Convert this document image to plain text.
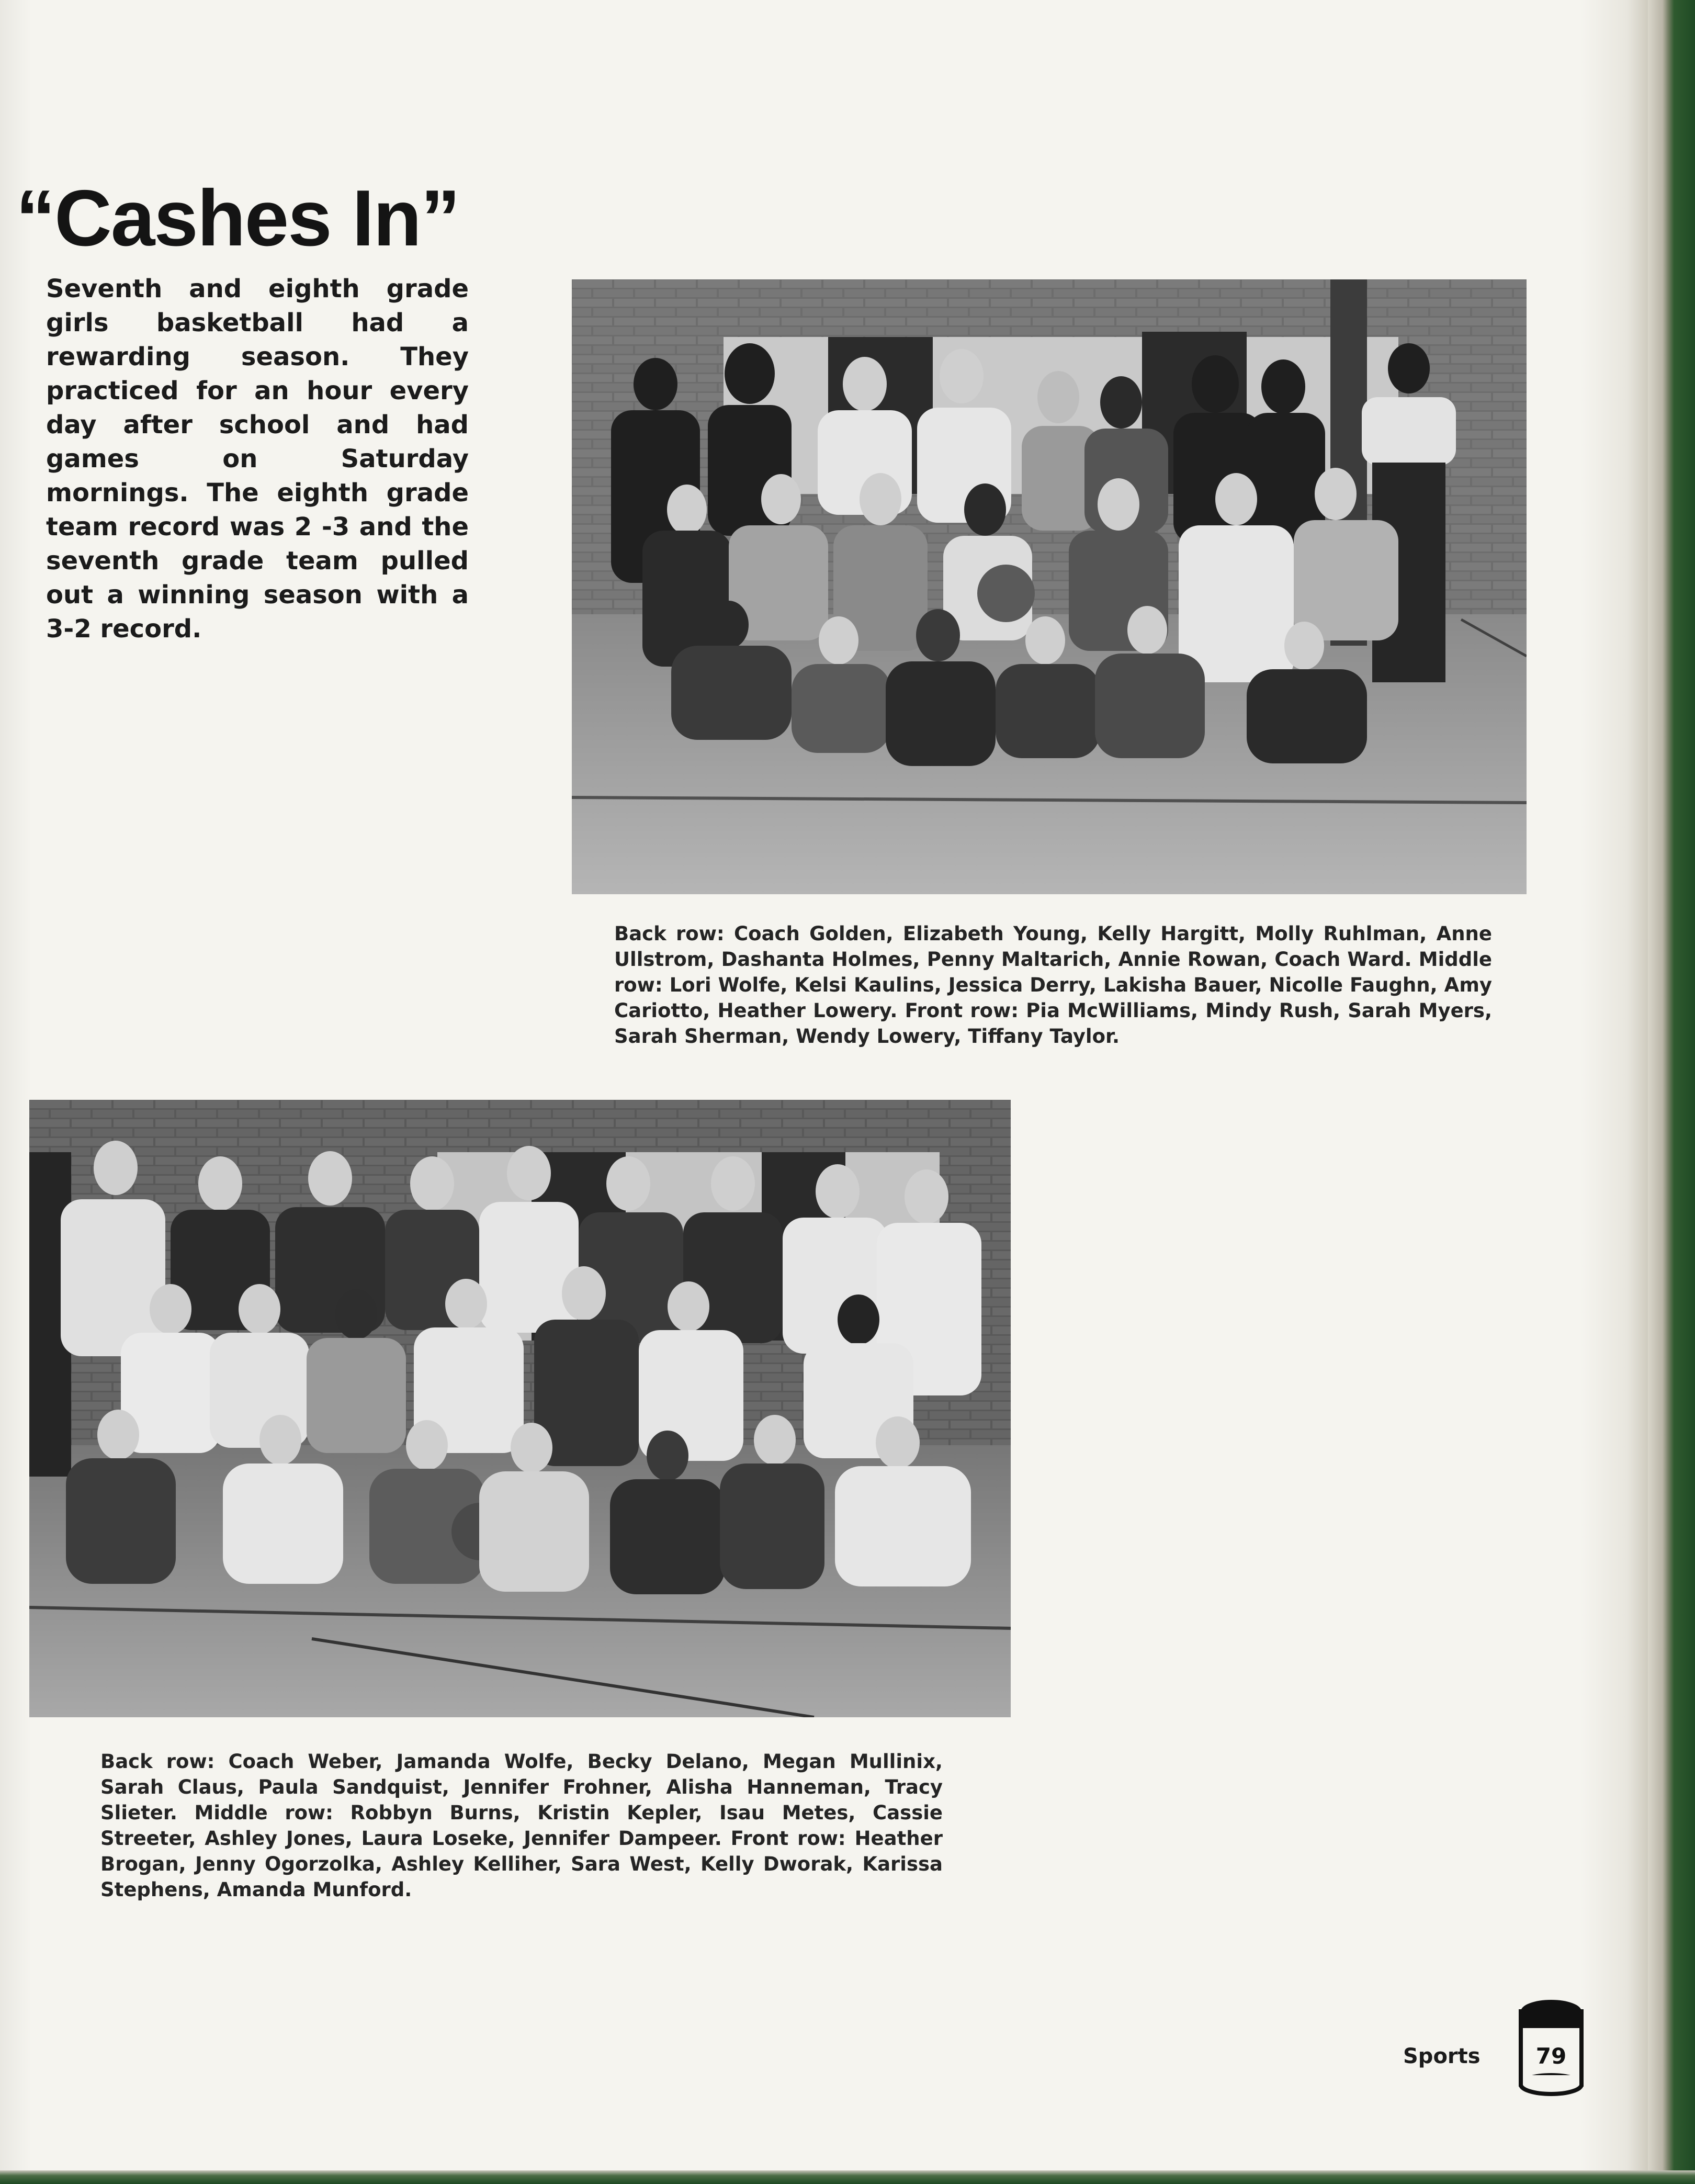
“Cashes In”
Seventh and eighth grade girls basketball had a rewarding season. They practiced for an hour every day after school and had games on Saturday mornings. The eighth grade team record was 2 -3 and the seventh grade team pulled out a winning season with a 3-2 record.
Back row: Coach Golden, Elizabeth Young, Kelly Hargitt, Molly Ruhlman, Anne Ullstrom, Dashanta Holmes, Penny Maltarich, Annie Rowan, Coach Ward. Middle row: Lori Wolfe, Kelsi Kaulins, Jessica Derry, Lakisha Bauer, Nicolle Faughn, Amy Cariotto, Heather Lowery. Front row: Pia McWilliams, Mindy Rush, Sarah Myers, Sarah Sherman, Wendy Lowery, Tiffany Taylor.
Back row: Coach Weber, Jamanda Wolfe, Becky Delano, Megan Mullinix, Sarah Claus, Paula Sandquist, Jennifer Frohner, Alisha Hanneman, Tracy Slieter. Middle row: Robbyn Burns, Kristin Kepler, Isau Metes, Cassie Streeter, Ashley Jones, Laura Loseke, Jennifer Dampeer. Front row: Heather Brogan, Jenny Ogorzolka, Ashley Kelliher, Sara West, Kelly Dworak, Karissa Stephens, Amanda Munford.
Sports	79
